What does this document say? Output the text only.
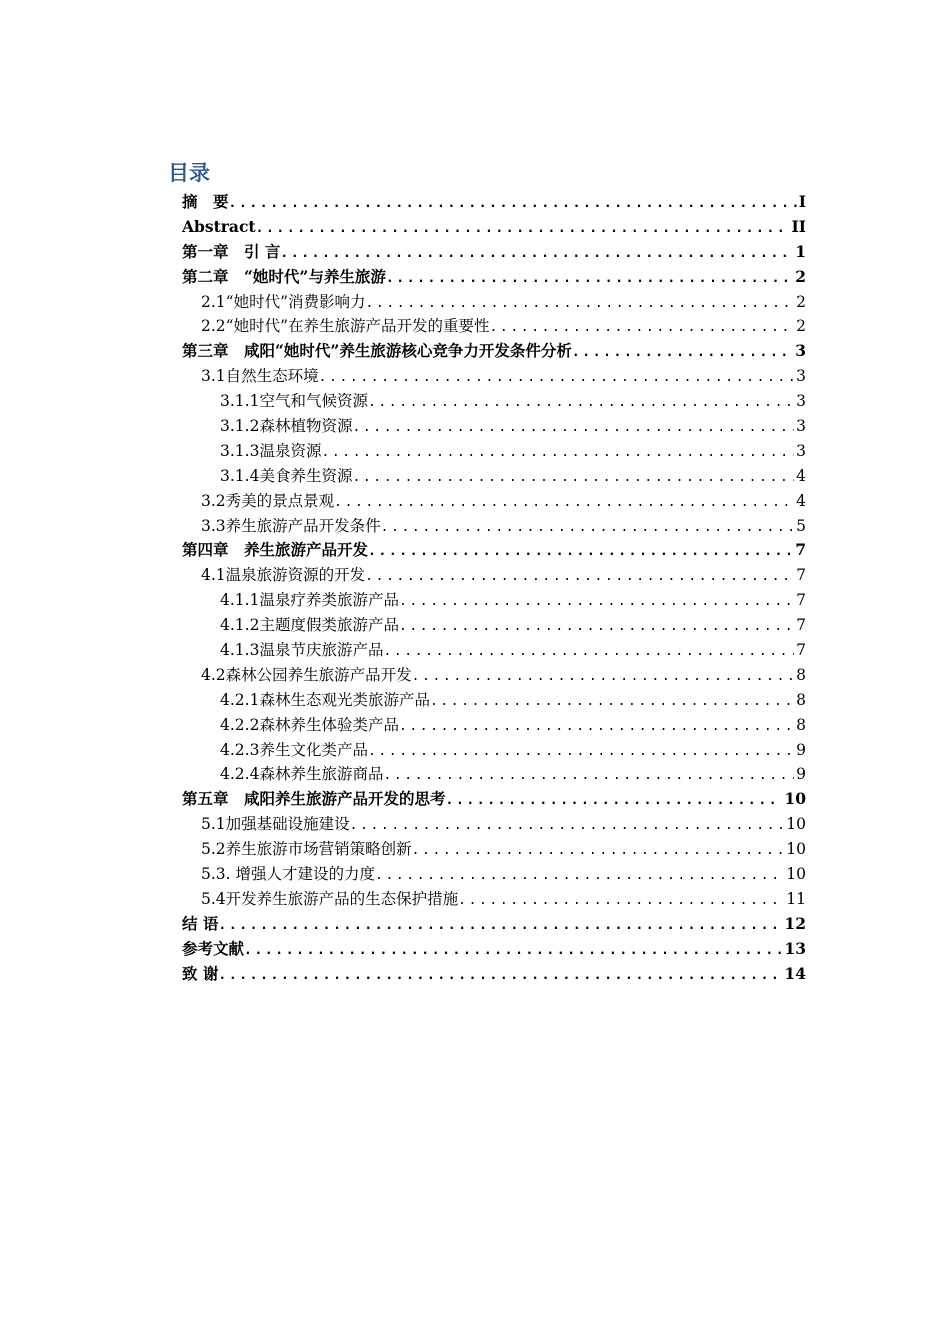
目录
摘　要 .....	I
Abstract .....	II
第一章　引 言 .....	1
第二章　“她时代”与养生旅游 .....	2
2.1“她时代”消费影响力 .....	2
2.2“她时代”在养生旅游产品开发的重要性 .....	2
第三章　咸阳“她时代”养生旅游核心竞争力开发条件分析 .....	3
3.1自然生态环境 .....	3
3.1.1空气和气候资源 .....	3
3.1.2森林植物资源 .....	3
3.1.3温泉资源 .....	3
3.1.4美食养生资源 .....	4
3.2秀美的景点景观 .....	4
3.3养生旅游产品开发条件 .....	5
第四章　养生旅游产品开发 .....	7
4.1温泉旅游资源的开发 .....	7
4.1.1温泉疗养类旅游产品 .....	7
4.1.2主题度假类旅游产品 .....	7
4.1.3温泉节庆旅游产品 .....	7
4.2森林公园养生旅游产品开发 .....	8
4.2.1森林生态观光类旅游产品 .....	8
4.2.2森林养生体验类产品 .....	8
4.2.3养生文化类产品 .....	9
4.2.4森林养生旅游商品 .....	9
第五章　咸阳养生旅游产品开发的思考 .....	10
5.1加强基础设施建设 .....	10
5.2养生旅游市场营销策略创新 .....	10
5.3. 增强人才建设的力度 .....	10
5.4开发养生旅游产品的生态保护措施 .....	11
结 语 .....	12
参考文献 .....	13
致 谢 .....	14
